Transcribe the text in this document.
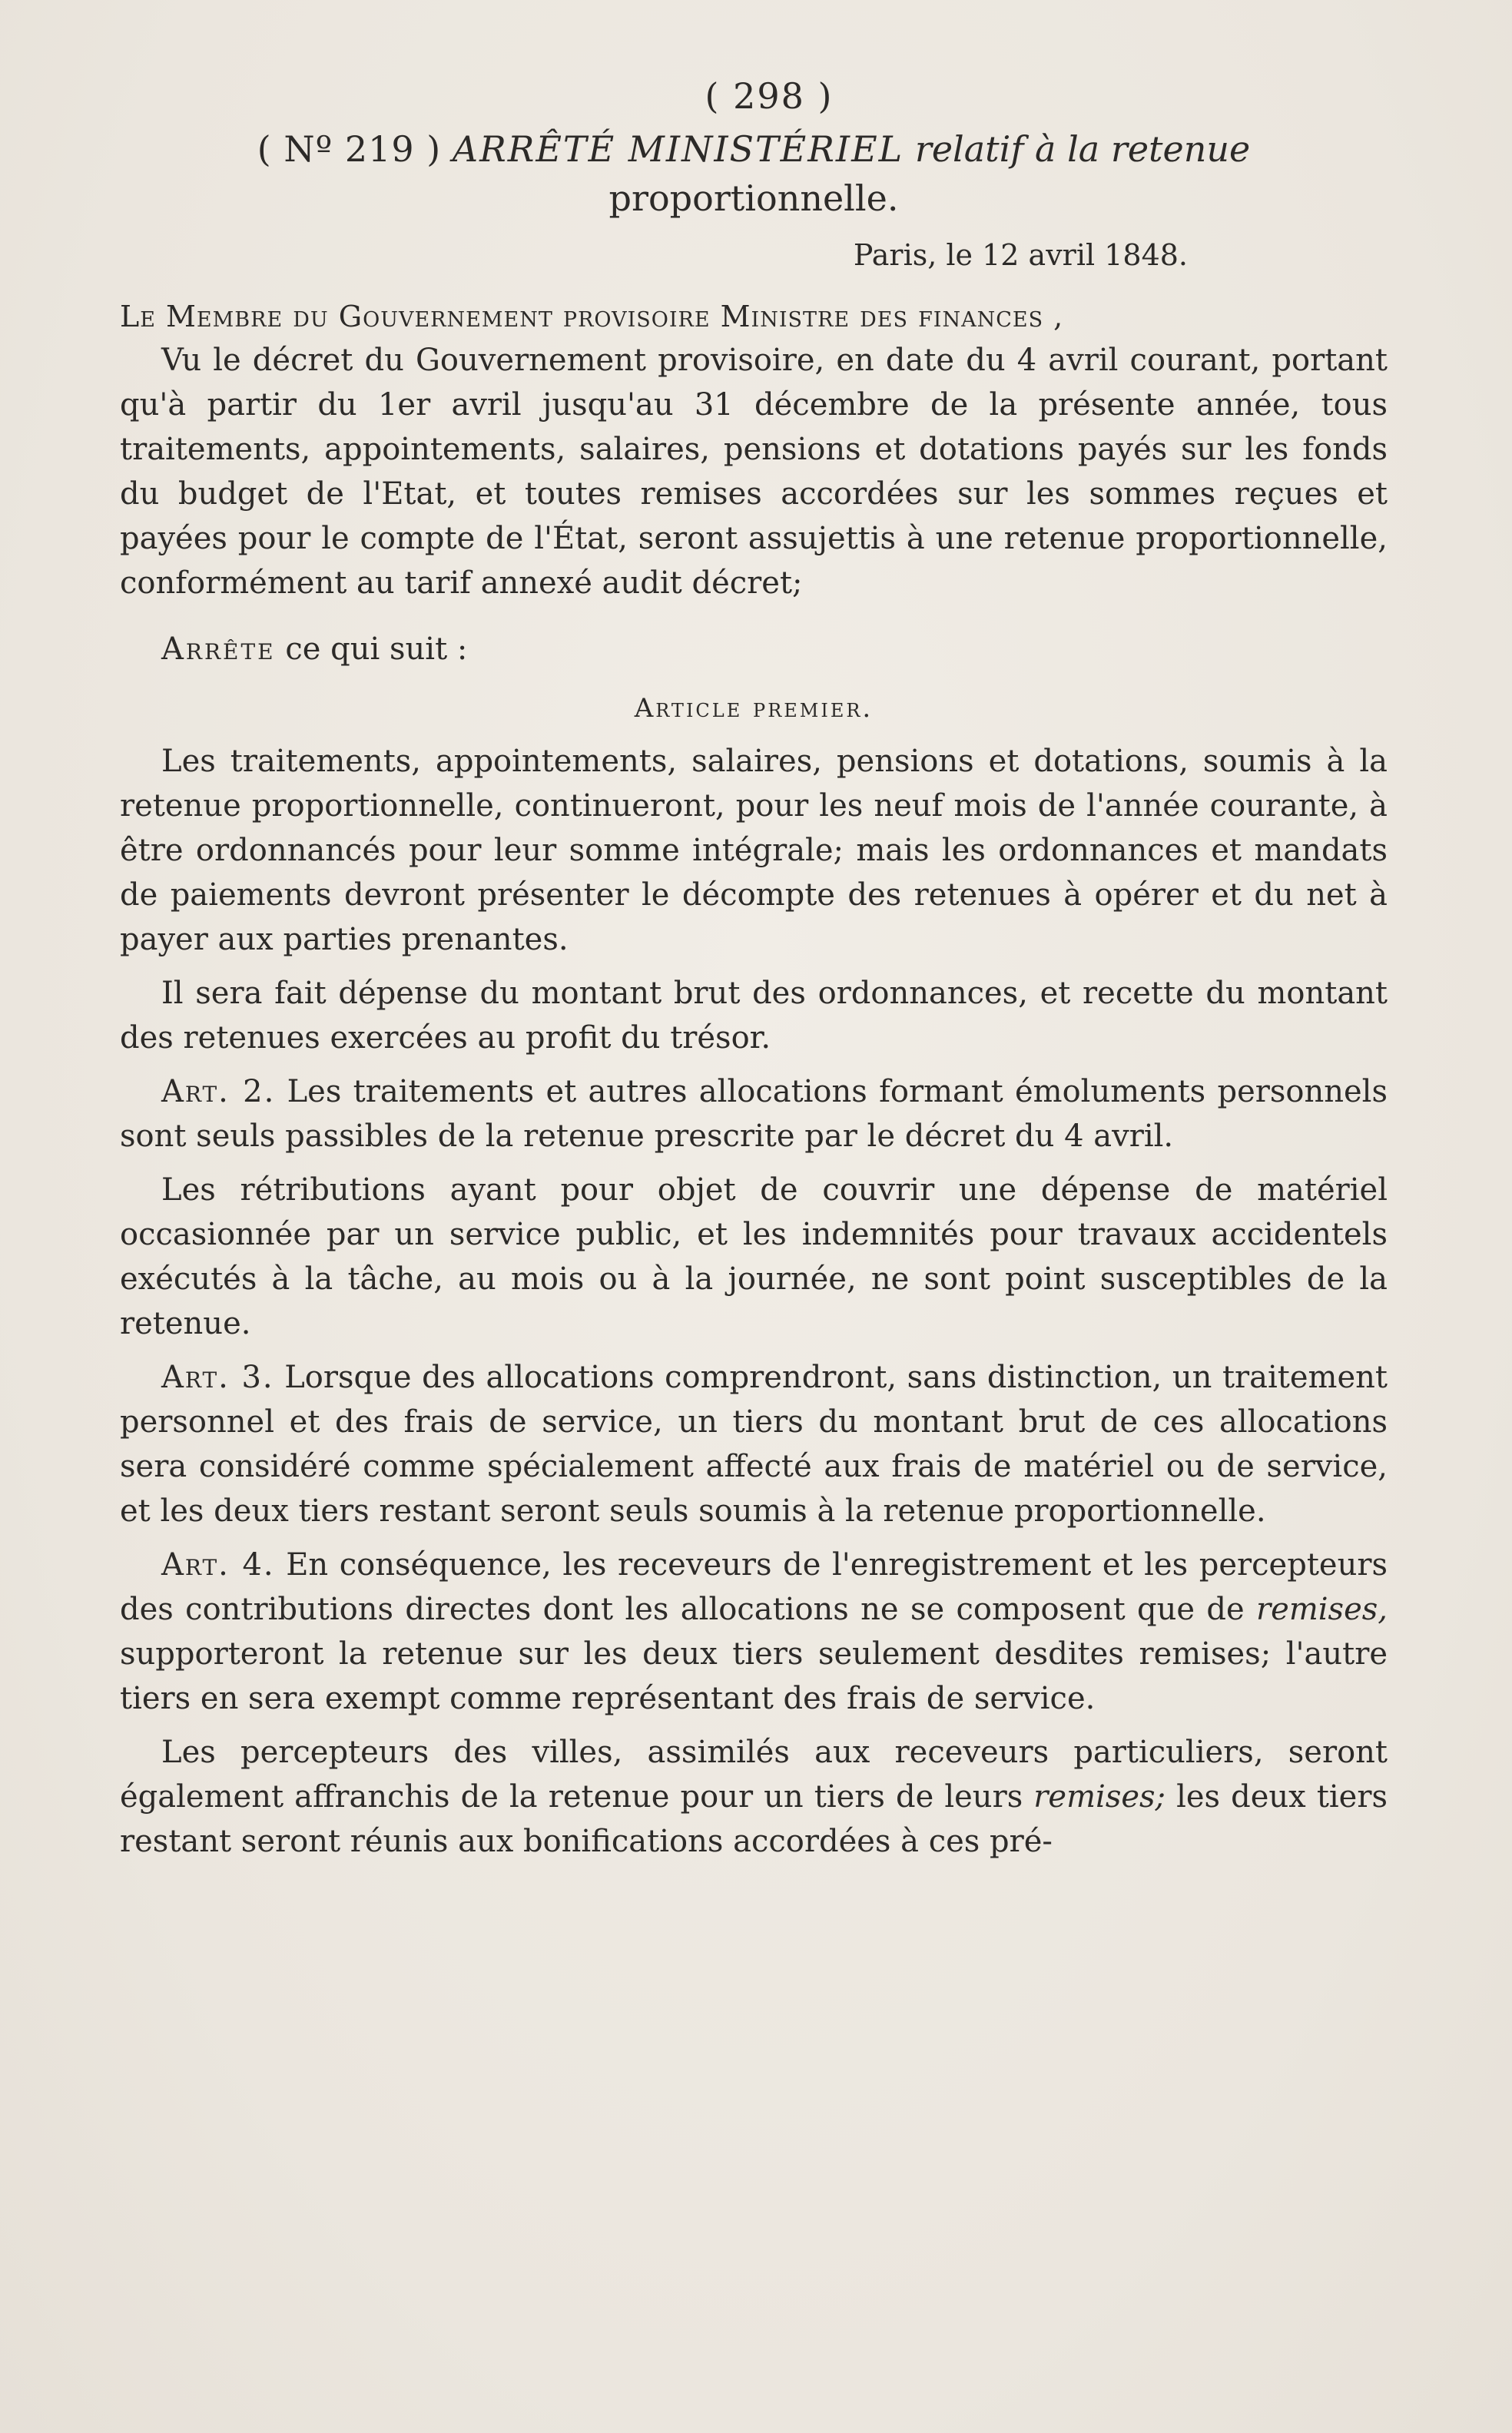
( 298 )
( Nº 219 ) ARRÊTÉ MINISTÉRIEL relatif à la retenue
proportionnelle.
Paris, le 12 avril 1848.
Le Membre du Gouvernement provisoire Ministre des finances ,

Vu le décret du Gouvernement provisoire, en date du 4 avril courant, portant qu'à partir du 1er avril jusqu'au 31 décembre de la présente année, tous traitements, appointements, salaires, pensions et dotations payés sur les fonds du budget de l'Etat, et toutes remises accordées sur les sommes reçues et payées pour le compte de l'État, seront assujettis à une retenue proportionnelle, conformément au tarif annexé audit décret;

Arrête ce qui suit :

Article premier.

Les traitements, appointements, salaires, pensions et dotations, soumis à la retenue proportionnelle, continueront, pour les neuf mois de l'année courante, à être ordonnancés pour leur somme intégrale; mais les ordonnances et mandats de paiements devront présenter le décompte des retenues à opérer et du net à payer aux parties prenantes.

Il sera fait dépense du montant brut des ordonnances, et recette du montant des retenues exercées au profit du trésor.

Art. 2. Les traitements et autres allocations formant émoluments personnels sont seuls passibles de la retenue prescrite par le décret du 4 avril.

Les rétributions ayant pour objet de couvrir une dépense de matériel occasionnée par un service public, et les indemnités pour travaux accidentels exécutés à la tâche, au mois ou à la journée, ne sont point susceptibles de la retenue.

Art. 3. Lorsque des allocations comprendront, sans distinction, un traitement personnel et des frais de service, un tiers du montant brut de ces allocations sera considéré comme spécialement affecté aux frais de matériel ou de service, et les deux tiers restant seront seuls soumis à la retenue proportionnelle.

Art. 4. En conséquence, les receveurs de l'enregistrement et les percepteurs des contributions directes dont les allocations ne se composent que de remises, supporteront la retenue sur les deux tiers seulement desdites remises; l'autre tiers en sera exempt comme représentant des frais de service.

Les percepteurs des villes, assimilés aux receveurs particuliers, seront également affranchis de la retenue pour un tiers de leurs remises; les deux tiers restant seront réunis aux bonifications accordées à ces pré-
